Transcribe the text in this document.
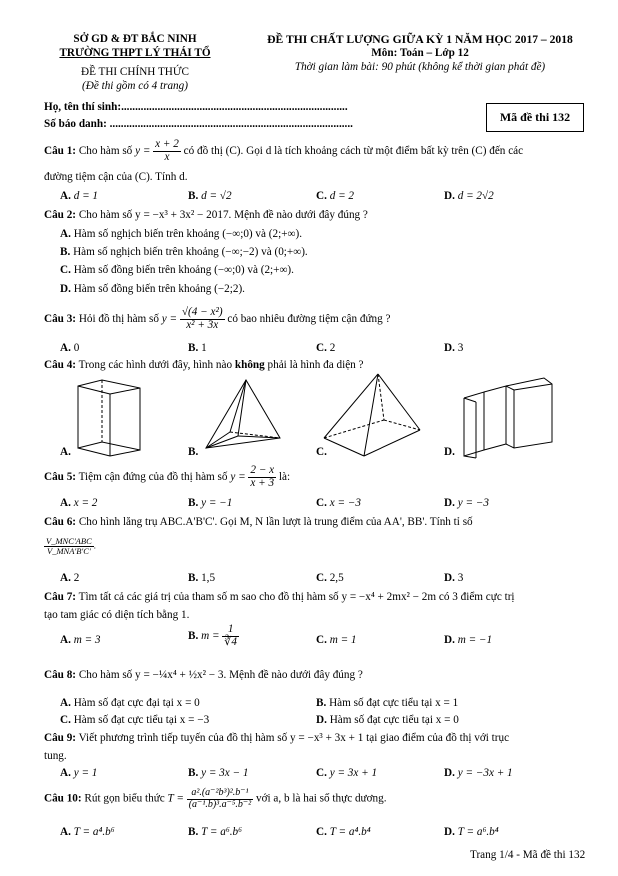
SỞ GD & ĐT BẮC NINH
TRƯỜNG THPT LÝ THÁI TỔ
ĐỀ THI CHÍNH THỨC
(Đề thi gồm có 4 trang)
ĐỀ THI CHẤT LƯỢNG GIỮA KỲ 1 NĂM HỌC 2017 – 2018
Môn: Toán – Lớp 12
Thời gian làm bài: 90 phút (không kể thời gian phát đề)
Họ, tên thí sinh:.................................................................................
Số báo danh: .......................................................................................	Mã đề thi 132
Câu 1: Cho hàm số $y = \frac{x + 2}{x}$ có đồ thị (C). Gọi d là tích khoảng cách từ một điểm bất kỳ trên (C) đến các
đường tiệm cận của (C). Tính d.
A. d = 1	B. d = √2	C. d = 2	D. d = 2√2
Câu 2: Cho hàm số y = −x³ + 3x² − 2017. Mệnh đề nào dưới đây đúng ?
A. Hàm số nghịch biến trên khoảng (−∞;0) và (2;+∞).
B. Hàm số nghịch biến trên khoảng (−∞;−2) và (0;+∞).
C. Hàm số đồng biến trên khoảng (−∞;0) và (2;+∞).
D. Hàm số đồng biến trên khoảng (−2;2).
Câu 3: Hỏi đồ thị hàm số $y = \frac{\text{√(4 − x²)}}{\text{x² + 3x}}$ có bao nhiêu đường tiệm cận đứng ?
A. 0	B. 1	C. 2	D. 3
Câu 4: Trong các hình dưới đây, hình nào không phải là hình đa diện ?
A.	B.	C.	D.
Câu 5: Tiệm cận đứng của đồ thị hàm số $y = \frac{2 - x}{x + 3}$ là:
A. x = 2	B. y = −1	C. x = −3	D. y = −3
Câu 6: Cho hình lăng trụ ABC.A'B'C'. Gọi M, N lần lượt là trung điểm của AA', BB'. Tính tỉ số
$\frac{\text{V\_MNC'ABC}}{\text{V\_MNA'B'C'}}$ .
A. 2	B. 1,5	C. 2,5	D. 3
Câu 7: Tìm tất cả các giá trị của tham số m sao cho đồ thị hàm số y = −x⁴ + 2mx² − 2m có 3 điểm cực trị
tạo tam giác có diện tích bằng 1.
A. m = 3	B. $m = \frac{1}{∛4}$	C. m = 1	D. m = −1
Câu 8: Cho hàm số y = −¼x⁴ + ½x² − 3. Mệnh đề nào dưới đây đúng ?
A. Hàm số đạt cực đại tại x = 0	B. Hàm số đạt cực tiểu tại x = 1
C. Hàm số đạt cực tiểu tại x = −3	D. Hàm số đạt cực tiểu tại x = 0
Câu 9: Viết phương trình tiếp tuyến của đồ thị hàm số y = −x³ + 3x + 1 tại giao điểm của đồ thị với trục
tung.
A. y = 1	B. y = 3x − 1	C. y = 3x + 1	D. y = −3x + 1
Câu 10: Rút gọn biểu thức $T = \frac{\text{a².(a⁻²b³)².b⁻¹}}{\text{(a⁻¹.b)³.a⁻⁵.b⁻²}}$ với a, b là hai số thực dương.
A. T = a⁴.b⁶	B. T = a⁶.b⁶	C. T = a⁴.b⁴	D. T = a⁶.b⁴
Trang 1/4 - Mã đề thi 132
